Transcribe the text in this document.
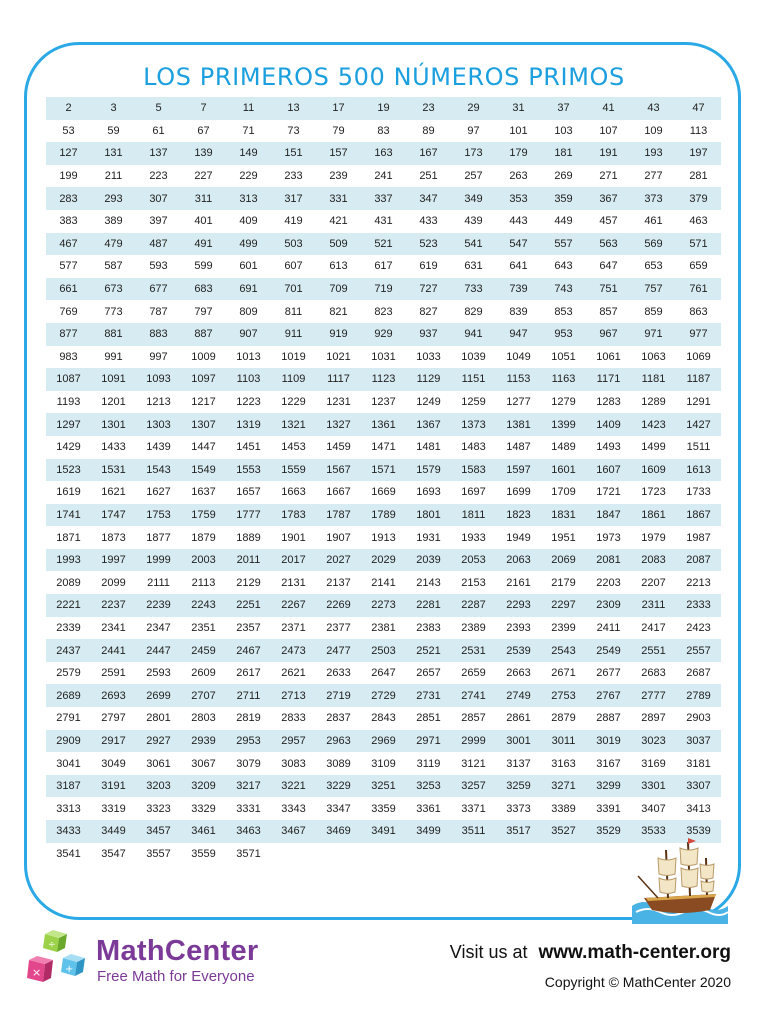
LOS PRIMEROS 500 NÚMEROS PRIMOS
2	3	5	7	11	13	17	19	23	29	31	37	41	43	47
53	59	61	67	71	73	79	83	89	97	101	103	107	109	113
127	131	137	139	149	151	157	163	167	173	179	181	191	193	197
199	211	223	227	229	233	239	241	251	257	263	269	271	277	281
283	293	307	311	313	317	331	337	347	349	353	359	367	373	379
383	389	397	401	409	419	421	431	433	439	443	449	457	461	463
467	479	487	491	499	503	509	521	523	541	547	557	563	569	571
577	587	593	599	601	607	613	617	619	631	641	643	647	653	659
661	673	677	683	691	701	709	719	727	733	739	743	751	757	761
769	773	787	797	809	811	821	823	827	829	839	853	857	859	863
877	881	883	887	907	911	919	929	937	941	947	953	967	971	977
983	991	997	1009	1013	1019	1021	1031	1033	1039	1049	1051	1061	1063	1069
1087	1091	1093	1097	1103	1109	1117	1123	1129	1151	1153	1163	1171	1181	1187
1193	1201	1213	1217	1223	1229	1231	1237	1249	1259	1277	1279	1283	1289	1291
1297	1301	1303	1307	1319	1321	1327	1361	1367	1373	1381	1399	1409	1423	1427
1429	1433	1439	1447	1451	1453	1459	1471	1481	1483	1487	1489	1493	1499	1511
1523	1531	1543	1549	1553	1559	1567	1571	1579	1583	1597	1601	1607	1609	1613
1619	1621	1627	1637	1657	1663	1667	1669	1693	1697	1699	1709	1721	1723	1733
1741	1747	1753	1759	1777	1783	1787	1789	1801	1811	1823	1831	1847	1861	1867
1871	1873	1877	1879	1889	1901	1907	1913	1931	1933	1949	1951	1973	1979	1987
1993	1997	1999	2003	2011	2017	2027	2029	2039	2053	2063	2069	2081	2083	2087
2089	2099	2111	2113	2129	2131	2137	2141	2143	2153	2161	2179	2203	2207	2213
2221	2237	2239	2243	2251	2267	2269	2273	2281	2287	2293	2297	2309	2311	2333
2339	2341	2347	2351	2357	2371	2377	2381	2383	2389	2393	2399	2411	2417	2423
2437	2441	2447	2459	2467	2473	2477	2503	2521	2531	2539	2543	2549	2551	2557
2579	2591	2593	2609	2617	2621	2633	2647	2657	2659	2663	2671	2677	2683	2687
2689	2693	2699	2707	2711	2713	2719	2729	2731	2741	2749	2753	2767	2777	2789
2791	2797	2801	2803	2819	2833	2837	2843	2851	2857	2861	2879	2887	2897	2903
2909	2917	2927	2939	2953	2957	2963	2969	2971	2999	3001	3011	3019	3023	3037
3041	3049	3061	3067	3079	3083	3089	3109	3119	3121	3137	3163	3167	3169	3181
3187	3191	3203	3209	3217	3221	3229	3251	3253	3257	3259	3271	3299	3301	3307
3313	3319	3323	3329	3331	3343	3347	3359	3361	3371	3373	3389	3391	3407	3413
3433	3449	3457	3461	3463	3467	3469	3491	3499	3511	3517	3527	3529	3533	3539
3541	3547	3557	3559	3571
÷
× +
MathCenter
Free Math for Everyone
Visit us at www.math-center.org
Copyright © MathCenter 2020
